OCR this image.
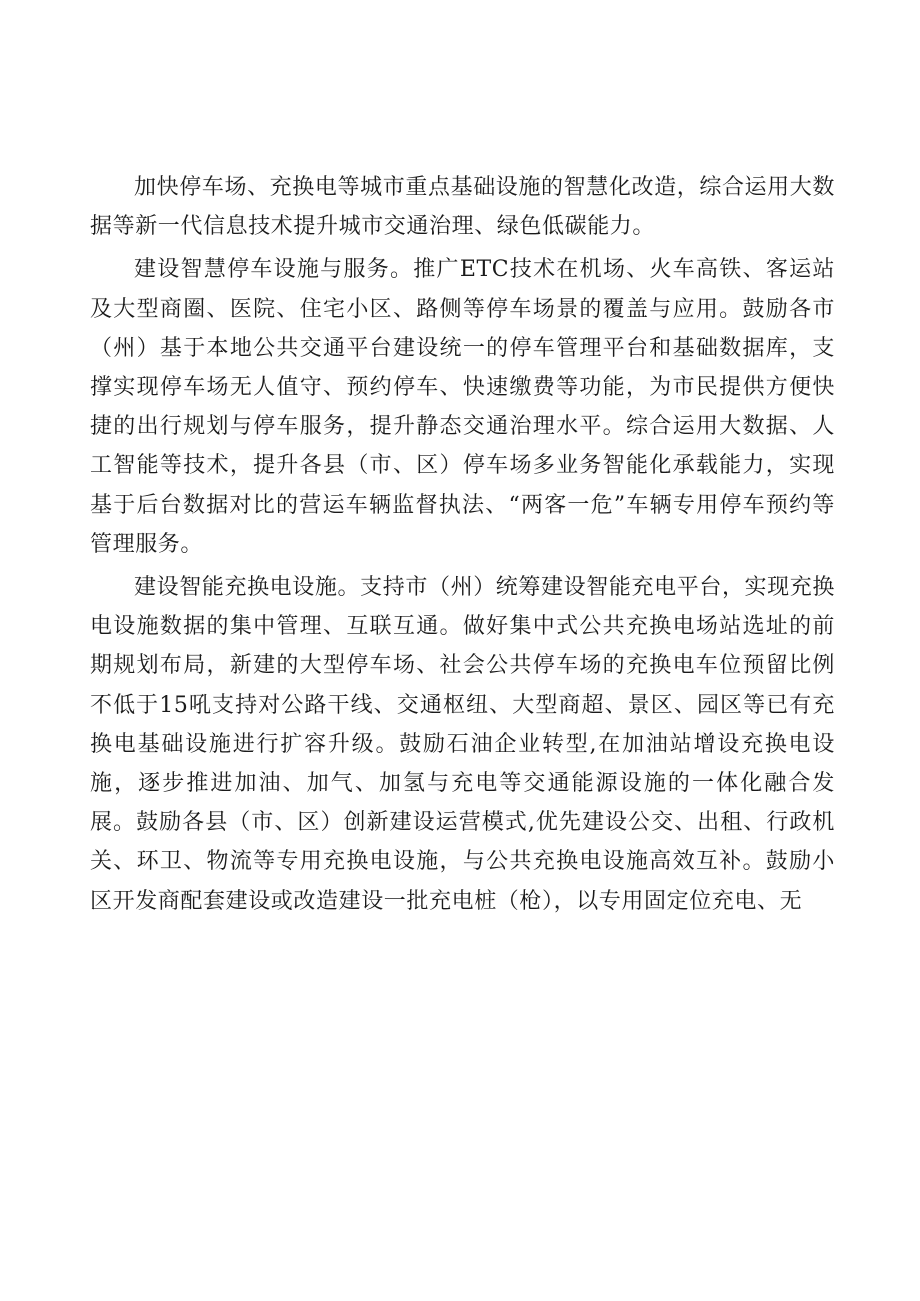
加快停车场、充换电等城市重点基础设施的智慧化改造，综合运用大数据等新一代信息技术提升城市交通治理、绿色低碳能力。

建设智慧停车设施与服务。推广ETC技术在机场、火车高铁、客运站及大型商圈、医院、住宅小区、路侧等停车场景的覆盖与应用。鼓励各市（州）基于本地公共交通平台建设统一的停车管理平台和基础数据库，支撑实现停车场无人值守、预约停车、快速缴费等功能，为市民提供方便快捷的出行规划与停车服务，提升静态交通治理水平。综合运用大数据、人工智能等技术，提升各县（市、区）停车场多业务智能化承载能力，实现基于后台数据对比的营运车辆监督执法、“两客一危”车辆专用停车预约等管理服务。

建设智能充换电设施。支持市（州）统筹建设智能充电平台，实现充换电设施数据的集中管理、互联互通。做好集中式公共充换电场站选址的前期规划布局，新建的大型停车场、社会公共停车场的充换电车位预留比例不低于15吼支持对公路干线、交通枢纽、大型商超、景区、园区等已有充换电基础设施进行扩容升级。鼓励石油企业转型,在加油站增设充换电设施，逐步推进加油、加气、加氢与充电等交通能源设施的一体化融合发展。鼓励各县（市、区）创新建设运营模式,优先建设公交、出租、行政机关、环卫、物流等专用充换电设施，与公共充换电设施高效互补。鼓励小区开发商配套建设或改造建设一批充电桩（枪），以专用固定位充电、无
